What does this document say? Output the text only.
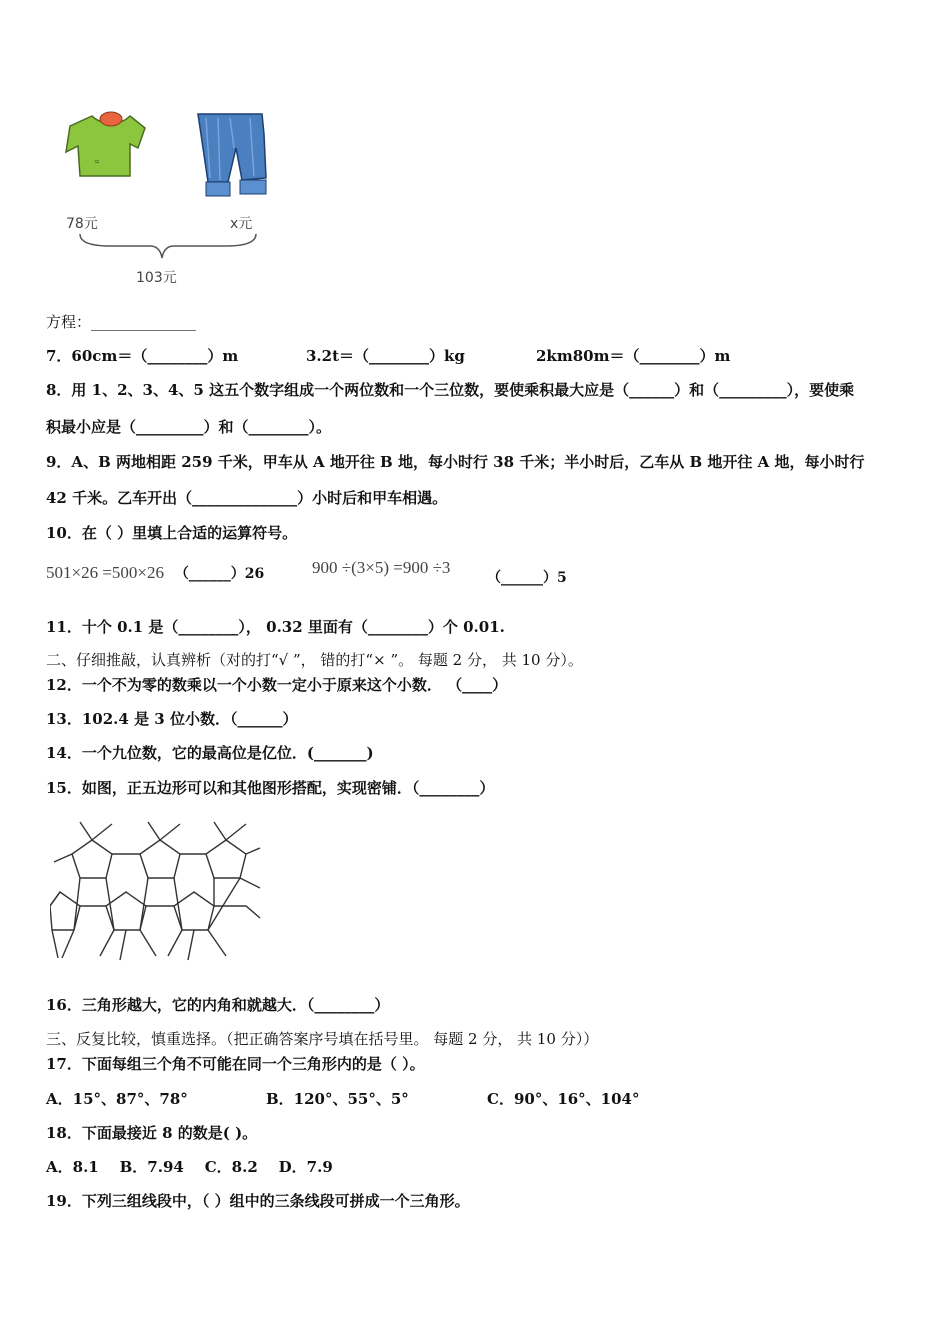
=
78元	x元
103元
方程：______________
7．60cm＝（________）m	3.2t＝（________）kg	2km80m＝（________）m
8．用 1、2、3、4、5 这五个数字组成一个两位数和一个三位数，要使乘积最大应是（______）和（_________），要使乘
积最小应是（_________）和（________）。
9．A、B 两地相距 259 千米，甲车从 A 地开往 B 地，每小时行 38 千米；半小时后，乙车从 B 地开往 A 地，每小时行
42 千米。乙车开出（______________）小时后和甲车相遇。
10．在（ ）里填上合适的运算符号。
501×26 =500×26 （______）26	900 ÷(3×5) =900 ÷3
（______）5
11．十个 0.1 是（________）， 0.32 里面有（________）个 0.01.
二、仔细推敲，认真辨析（对的打“√ ”， 错的打“× ”。 每题 2 分， 共 10 分）。
12．一个不为零的数乘以一个小数一定小于原来这个小数． （____）
13．102.4 是 3 位小数．（______）
14．一个九位数，它的最高位是亿位．(_______)
15．如图，正五边形可以和其他图形搭配，实现密铺．（________）
16．三角形越大，它的内角和就越大．（________）
三、反复比较，慎重选择。（把正确答案序号填在括号里。 每题 2 分， 共 10 分））
17．下面每组三个角不可能在同一个三角形内的是（ ）。
A．15°、87°、78°	B．120°、55°、5°	C．90°、16°、104°
18．下面最接近 8 的数是( )。
A．8.1    B．7.94    C．8.2    D．7.9
19．下列三组线段中，（ ）组中的三条线段可拼成一个三角形。
